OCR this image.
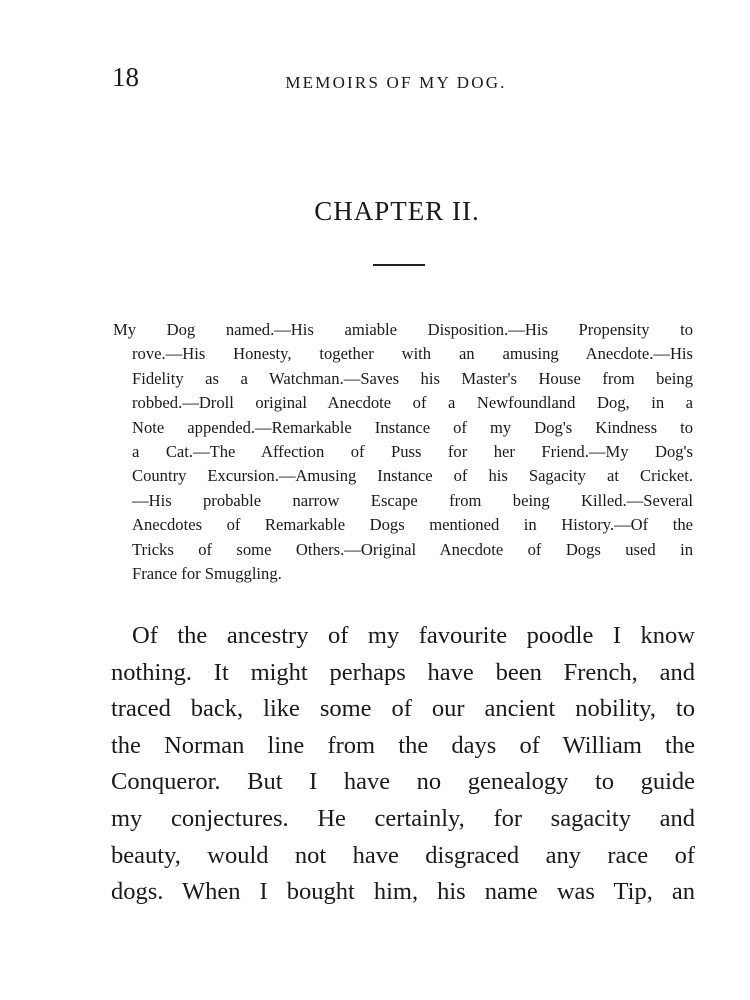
18	MEMOIRS OF MY DOG.
CHAPTER II.
My Dog named.—His amiable Disposition.—His Propensity to
rove.—His Honesty, together with an amusing Anecdote.—His
Fidelity as a Watchman.—Saves his Master's House from being
robbed.—Droll original Anecdote of a Newfoundland Dog, in a
Note appended.—Remarkable Instance of my Dog's Kindness to
a Cat.—The Affection of Puss for her Friend.—My Dog's
Country Excursion.—Amusing Instance of his Sagacity at Cricket.
—His probable narrow Escape from being Killed.—Several
Anecdotes of Remarkable Dogs mentioned in History.—Of the
Tricks of some Others.—Original Anecdote of Dogs used in
France for Smuggling.
Of the ancestry of my favourite poodle I know
nothing. It might perhaps have been French, and
traced back, like some of our ancient nobility, to
the Norman line from the days of William the
Conqueror. But I have no genealogy to guide
my conjectures. He certainly, for sagacity and
beauty, would not have disgraced any race of
dogs. When I bought him, his name was Tip, an
